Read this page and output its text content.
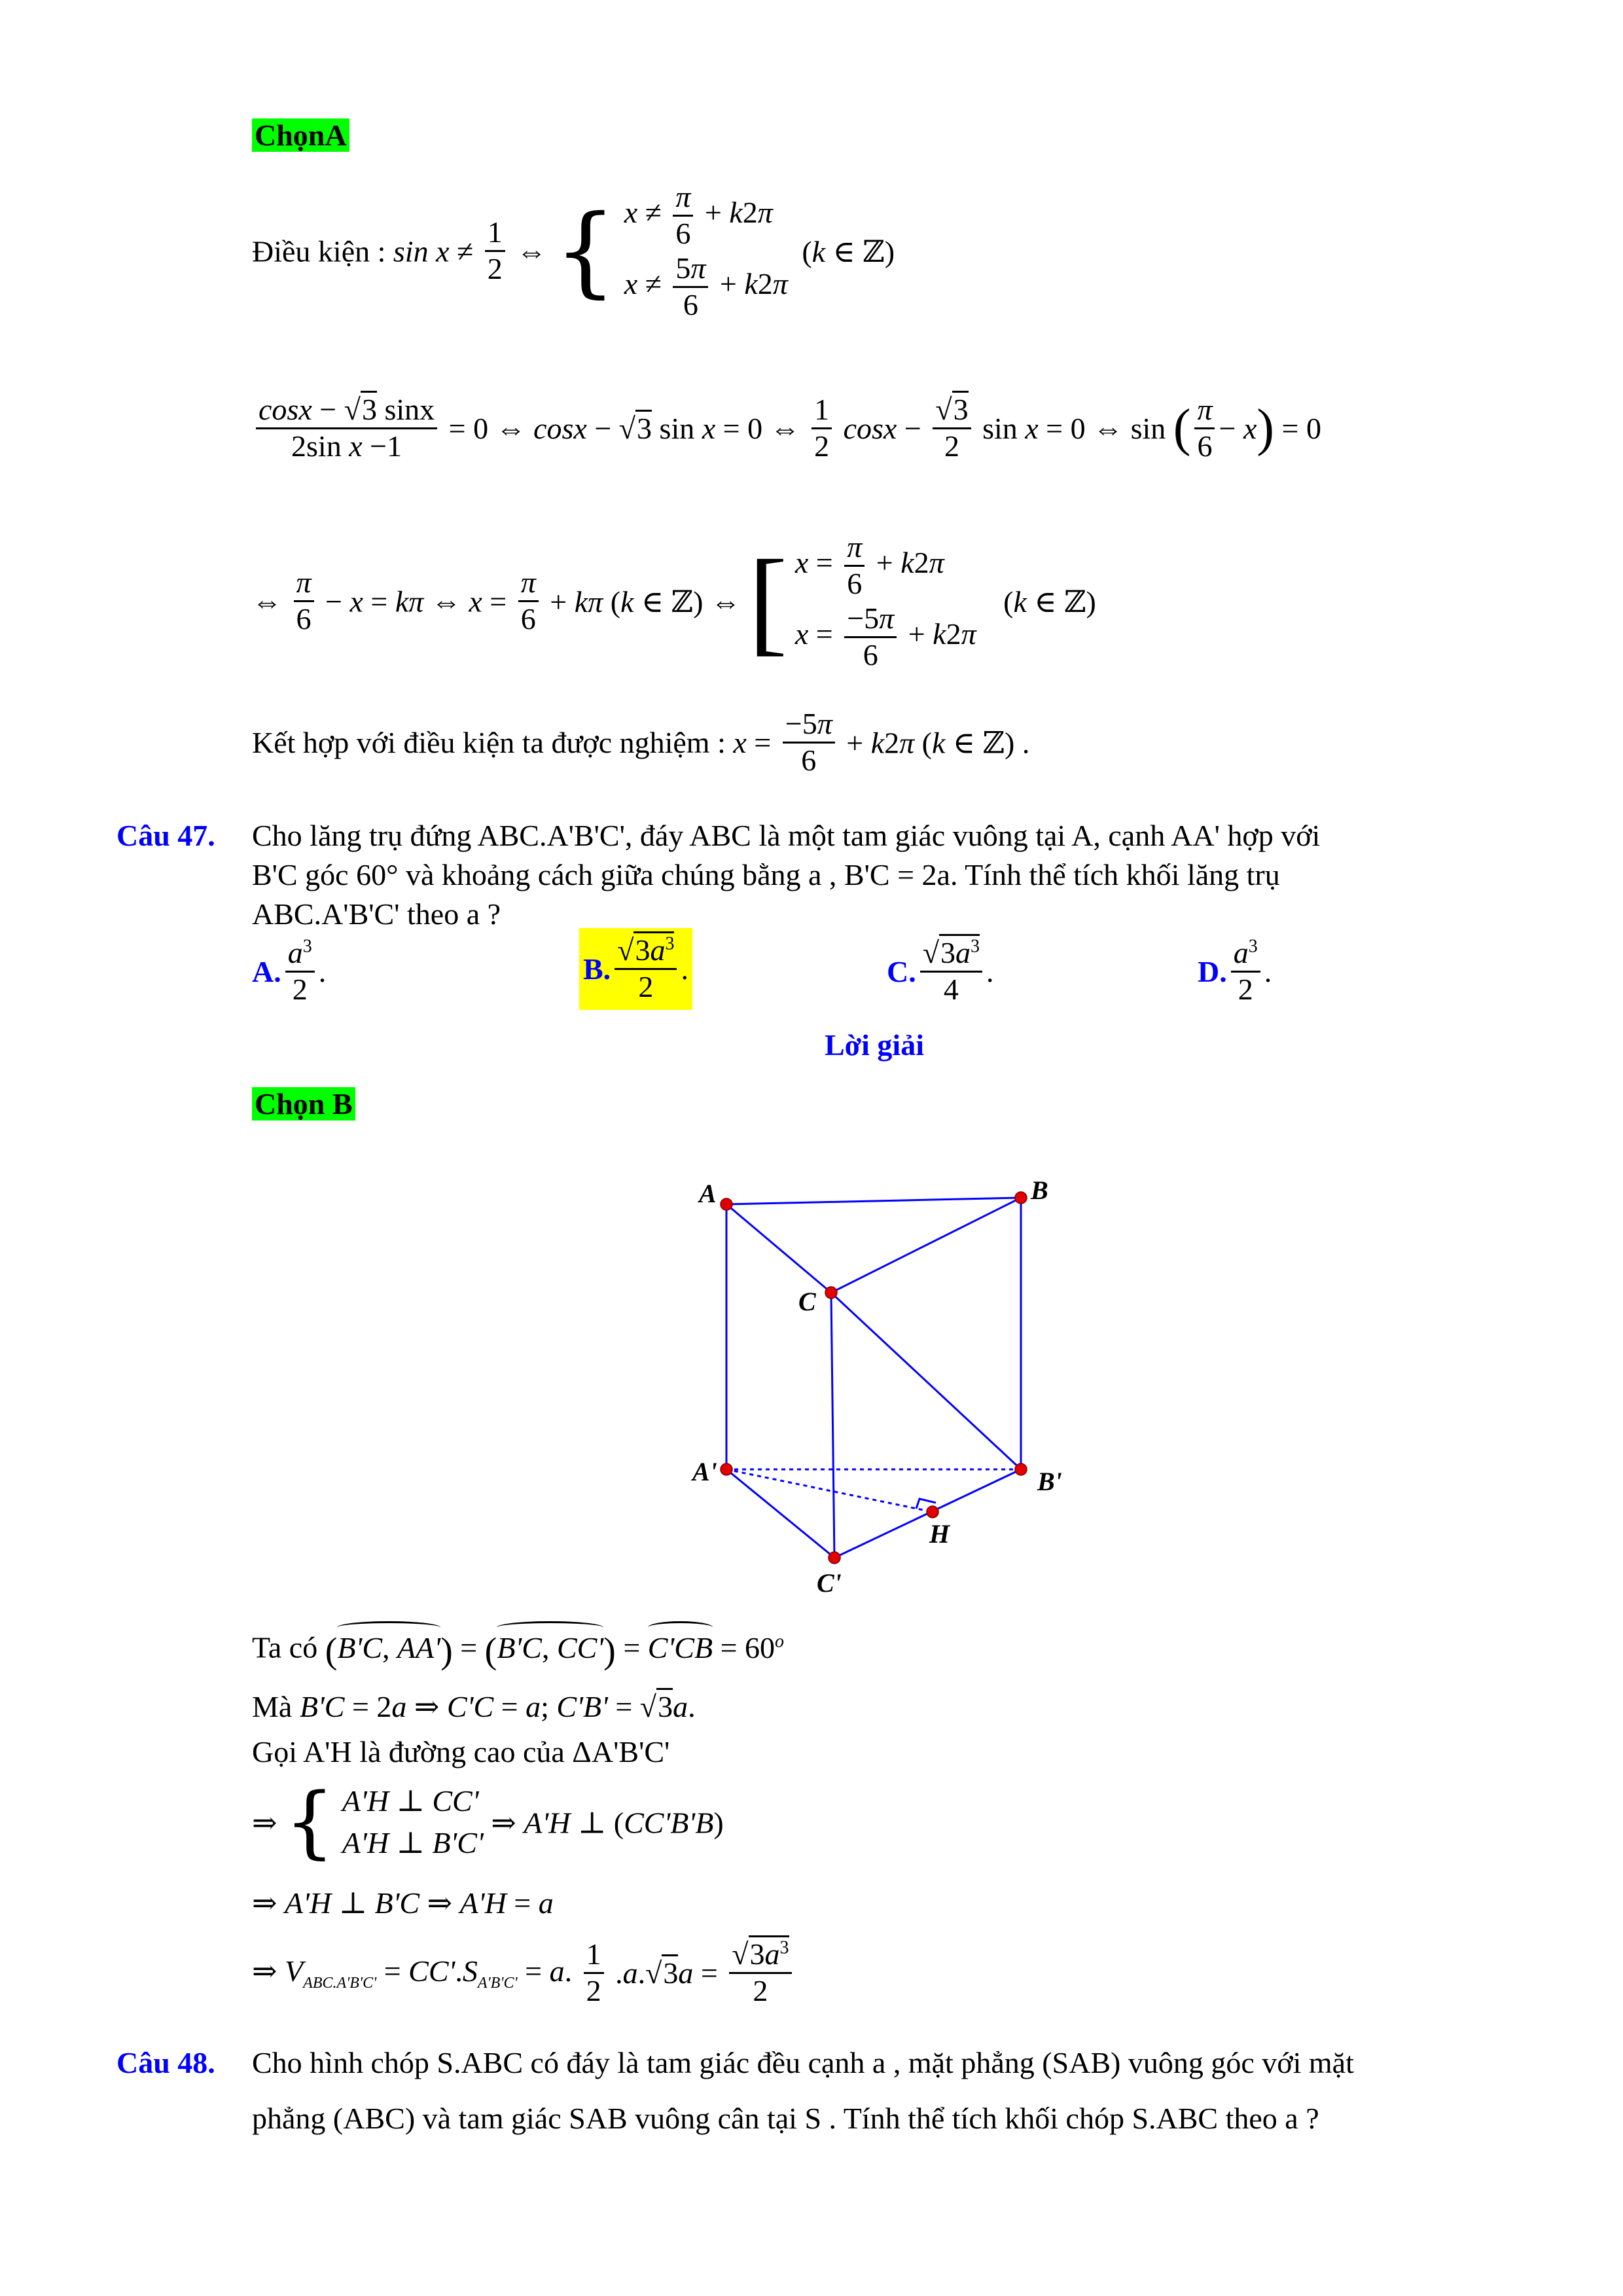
ChọnA
Điều kiện : $\sin x \ne \frac{1}{2}$ ⇔ { $x \ne \frac{\pi}{6} + k2\pi$
$x \ne \frac{5\pi}{6} + k2\pi$
(k ∈ ℤ)
$\frac{\cos x - √3 \sin x}{\text{2sin x −1}} = 0$ ⇔ cosx − √3 sin x = 0 ⇔ $\frac{1}{2}$ $\cos x - \frac{√3}{2}$ sin x = 0 ⇔ sin ( $\frac{\pi}{6} - x) = 0$
⇔ $\frac{\pi}{6} - x = k\pi$ ⇔ $x = \frac{\pi}{6} + k\pi$ (k ∈ ℤ) ⇔ [ $x = \frac{\pi}{6} + k2\pi$
$x = \frac{-5\pi}{6} + k2\pi$
(k ∈ ℤ)
Kết hợp với điều kiện ta được nghiệm : $x = \frac{-5\pi}{6} + k2\pi$ (k ∈ ℤ) .
Câu 47. Cho lăng trụ đứng ABC.A'B'C', đáy ABC là một tam giác vuông tại A, cạnh AA' hợp với
B'C góc 60° và khoảng cách giữa chúng bằng a , B'C = 2a. Tính thể tích khối lăng trụ
ABC.A'B'C' theo a ?
A. $\frac{a^3}{2}$ .	B. $\frac{√3a^3}{2}$ .	C. $\frac{√3a^3}{4}$ .	D. $\frac{a^3}{2}$ .
Lời giải
Chọn B
A	B
C
A'	B'
C'
H
Ta có (B'C, AA') = (B'C, $CC') = C'CB = 60^o$
Mà B'C = 2a ⇒ C'C = a; C'B' = √3a.
Gọi A'H là đường cao của ΔA'B'C'
⇒ { A'H ⊥ CC'
A'H ⊥ B'C'
⇒ A'H ⊥ (CC'B'B)
⇒ A'H ⊥ B'C ⇒ A'H = a
⇒ $V_{ABC.A'B'C'} = CC'.S_{A'B'C'} = a$. $\frac{1}{2} .a.√3a = \frac{√3a^3}{2}$
Câu 48. Cho hình chóp S.ABC có đáy là tam giác đều cạnh a , mặt phẳng (SAB) vuông góc với mặt
phẳng (ABC) và tam giác SAB vuông cân tại S . Tính thể tích khối chóp S.ABC theo a ?
